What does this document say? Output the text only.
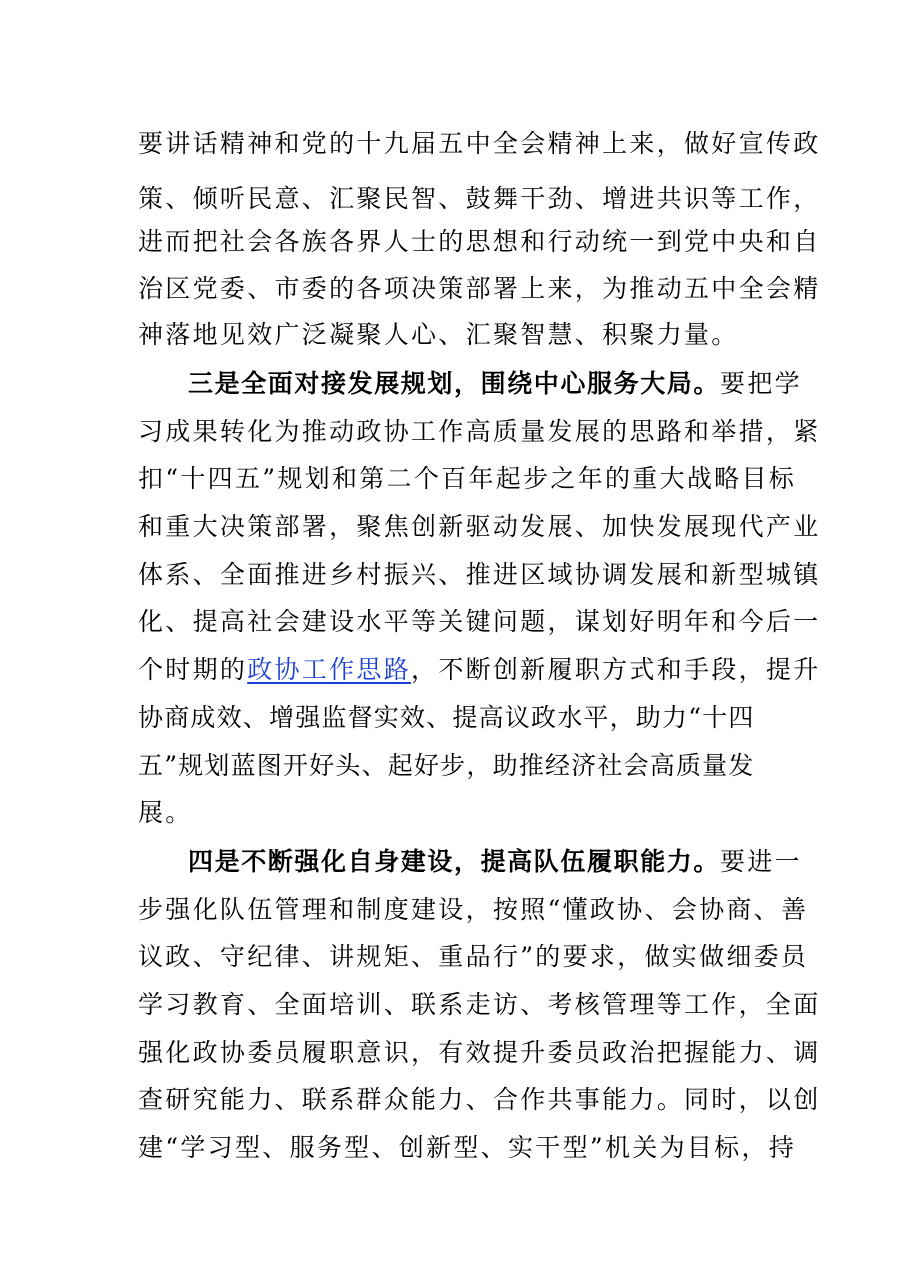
要讲话精神和党的十九届五中全会精神上来，做好宣传政
策、倾听民意、汇聚民智、鼓舞干劲、增进共识等工作，
进而把社会各族各界人士的思想和行动统一到党中央和自
治区党委、市委的各项决策部署上来，为推动五中全会精
神落地见效广泛凝聚人心、汇聚智慧、积聚力量。
三是全面对接发展规划，围绕中心服务大局。要把学
习成果转化为推动政协工作高质量发展的思路和举措，紧
扣“十四五”规划和第二个百年起步之年的重大战略目标
和重大决策部署，聚焦创新驱动发展、加快发展现代产业
体系、全面推进乡村振兴、推进区域协调发展和新型城镇
化、提高社会建设水平等关键问题，谋划好明年和今后一
个时期的政协工作思路，不断创新履职方式和手段，提升
协商成效、增强监督实效、提高议政水平，助力“十四
五”规划蓝图开好头、起好步，助推经济社会高质量发
展。
四是不断强化自身建设，提高队伍履职能力。要进一
步强化队伍管理和制度建设，按照“懂政协、会协商、善
议政、守纪律、讲规矩、重品行”的要求，做实做细委员
学习教育、全面培训、联系走访、考核管理等工作，全面
强化政协委员履职意识，有效提升委员政治把握能力、调
查研究能力、联系群众能力、合作共事能力。同时，以创
建“学习型、服务型、创新型、实干型”机关为目标，持
